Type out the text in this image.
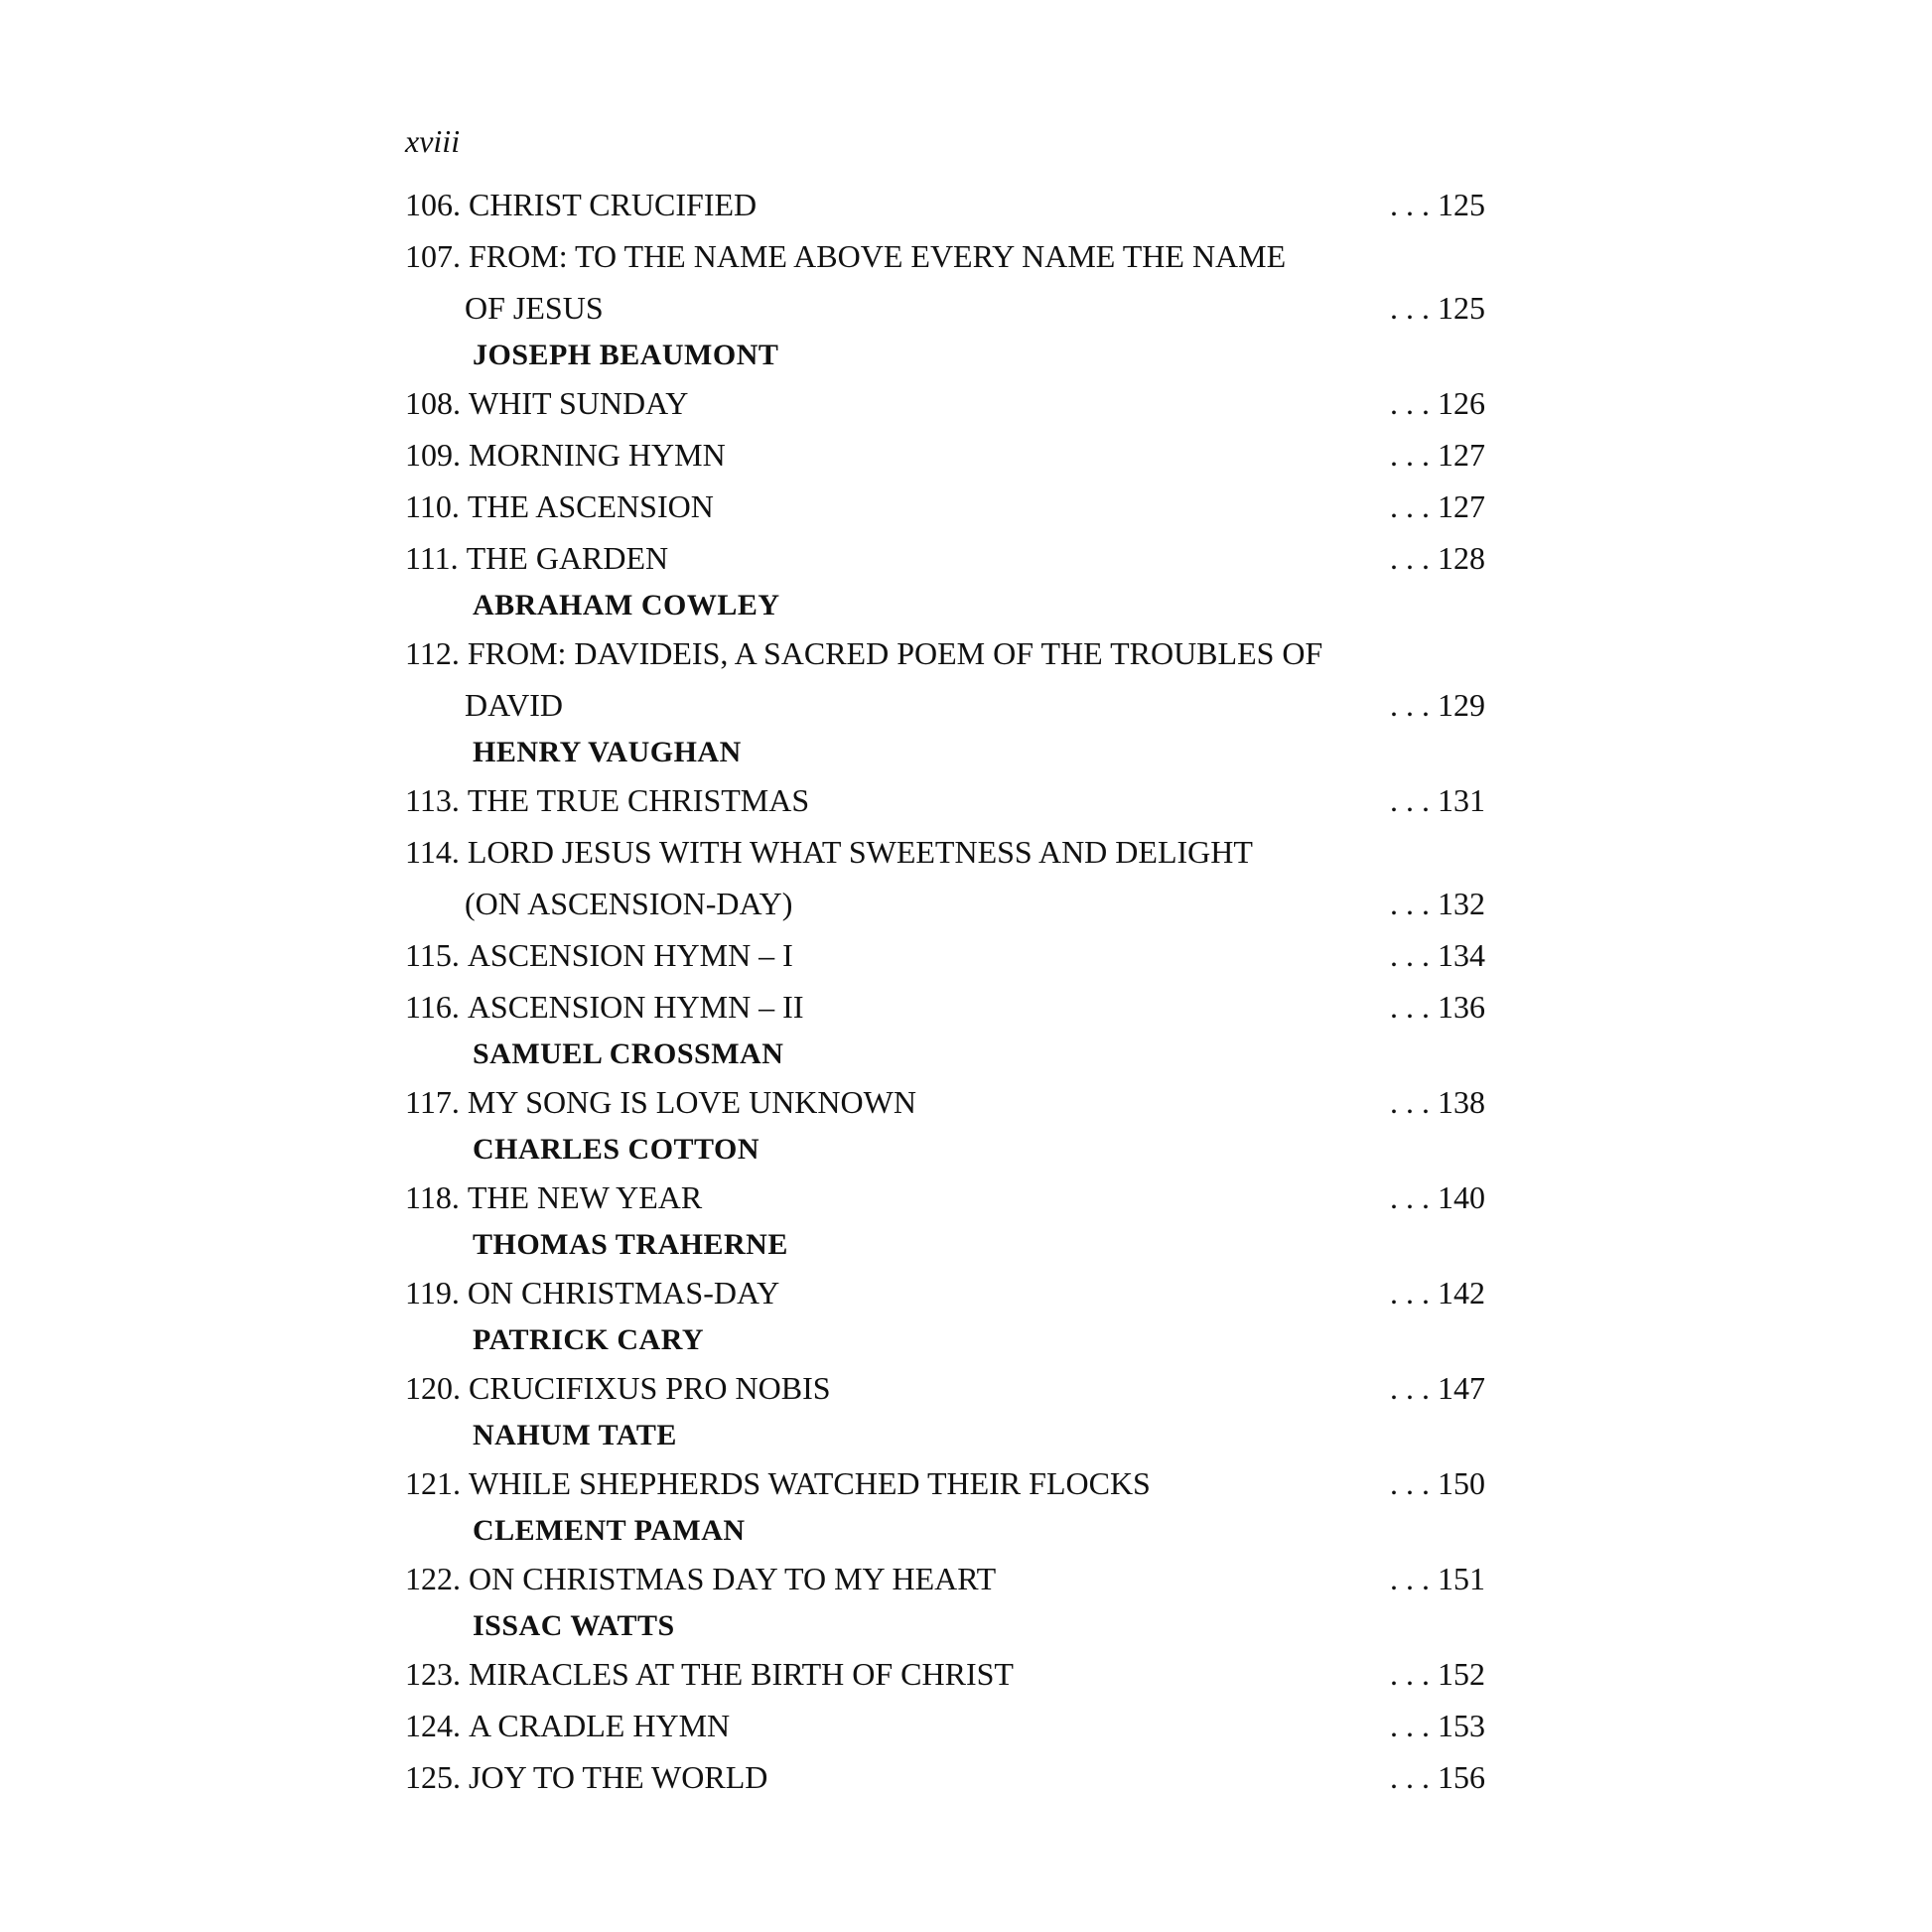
xviii
106. CHRIST CRUCIFIED	. . . 125
107. FROM: TO THE NAME ABOVE EVERY NAME THE NAME
OF JESUS	. . . 125
JOSEPH BEAUMONT
108. WHIT SUNDAY	. . . 126
109. MORNING HYMN	. . . 127
110. THE ASCENSION	. . . 127
111. THE GARDEN	. . . 128
ABRAHAM COWLEY
112. FROM: DAVIDEIS, A SACRED POEM OF THE TROUBLES OF
DAVID	. . . 129
HENRY VAUGHAN
113. THE TRUE CHRISTMAS	. . . 131
114. LORD JESUS WITH WHAT SWEETNESS AND DELIGHT
(ON ASCENSION-DAY)	. . . 132
115. ASCENSION HYMN – I	. . . 134
116. ASCENSION HYMN – II	. . . 136
SAMUEL CROSSMAN
117. MY SONG IS LOVE UNKNOWN	. . . 138
CHARLES COTTON
118. THE NEW YEAR	. . . 140
THOMAS TRAHERNE
119. ON CHRISTMAS-DAY	. . . 142
PATRICK CARY
120. CRUCIFIXUS PRO NOBIS	. . . 147
NAHUM TATE
121. WHILE SHEPHERDS WATCHED THEIR FLOCKS	. . . 150
CLEMENT PAMAN
122. ON CHRISTMAS DAY TO MY HEART	. . . 151
ISSAC WATTS
123. MIRACLES AT THE BIRTH OF CHRIST	. . . 152
124. A CRADLE HYMN	. . . 153
125. JOY TO THE WORLD	. . . 156
